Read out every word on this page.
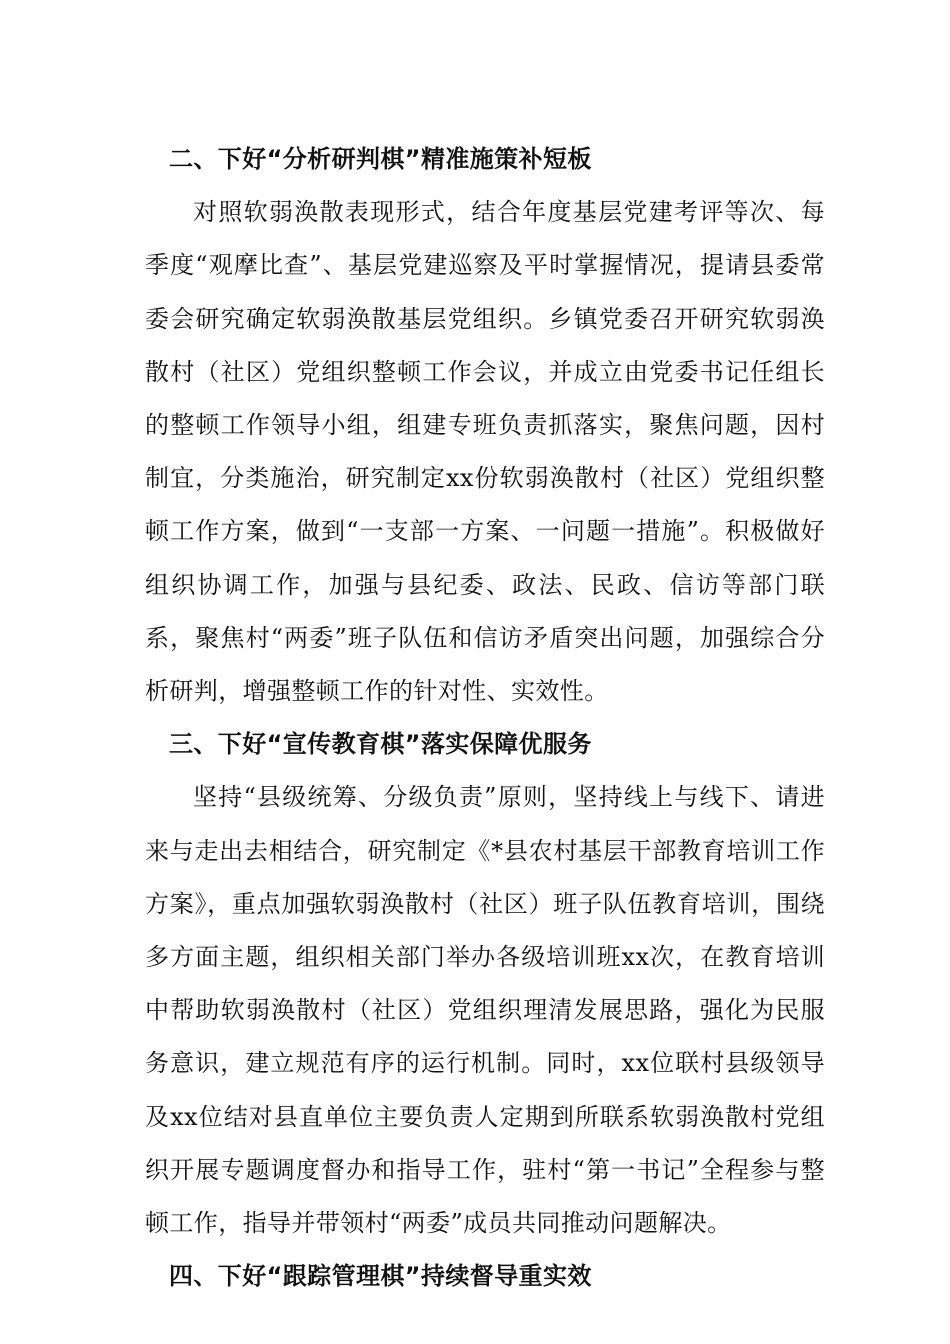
二、下好“分析研判棋”精准施策补短板

对照软弱涣散表现形式，结合年度基层党建考评等次、每季度“观摩比查”、基层党建巡察及平时掌握情况，提请县委常委会研究确定软弱涣散基层党组织。乡镇党委召开研究软弱涣散村（社区）党组织整顿工作会议，并成立由党委书记任组长的整顿工作领导小组，组建专班负责抓落实，聚焦问题，因村制宜，分类施治，研究制定xx份软弱涣散村（社区）党组织整顿工作方案，做到“一支部一方案、一问题一措施”。积极做好组织协调工作，加强与县纪委、政法、民政、信访等部门联系，聚焦村“两委”班子队伍和信访矛盾突出问题，加强综合分析研判，增强整顿工作的针对性、实效性。

三、下好“宣传教育棋”落实保障优服务

坚持“县级统筹、分级负责”原则，坚持线上与线下、请进来与走出去相结合，研究制定《*县农村基层干部教育培训工作方案》，重点加强软弱涣散村（社区）班子队伍教育培训，围绕多方面主题，组织相关部门举办各级培训班xx次，在教育培训中帮助软弱涣散村（社区）党组织理清发展思路，强化为民服务意识，建立规范有序的运行机制。同时，xx位联村县级领导及xx位结对县直单位主要负责人定期到所联系软弱涣散村党组织开展专题调度督办和指导工作，驻村“第一书记”全程参与整顿工作，指导并带领村“两委”成员共同推动问题解决。

四、下好“跟踪管理棋”持续督导重实效
